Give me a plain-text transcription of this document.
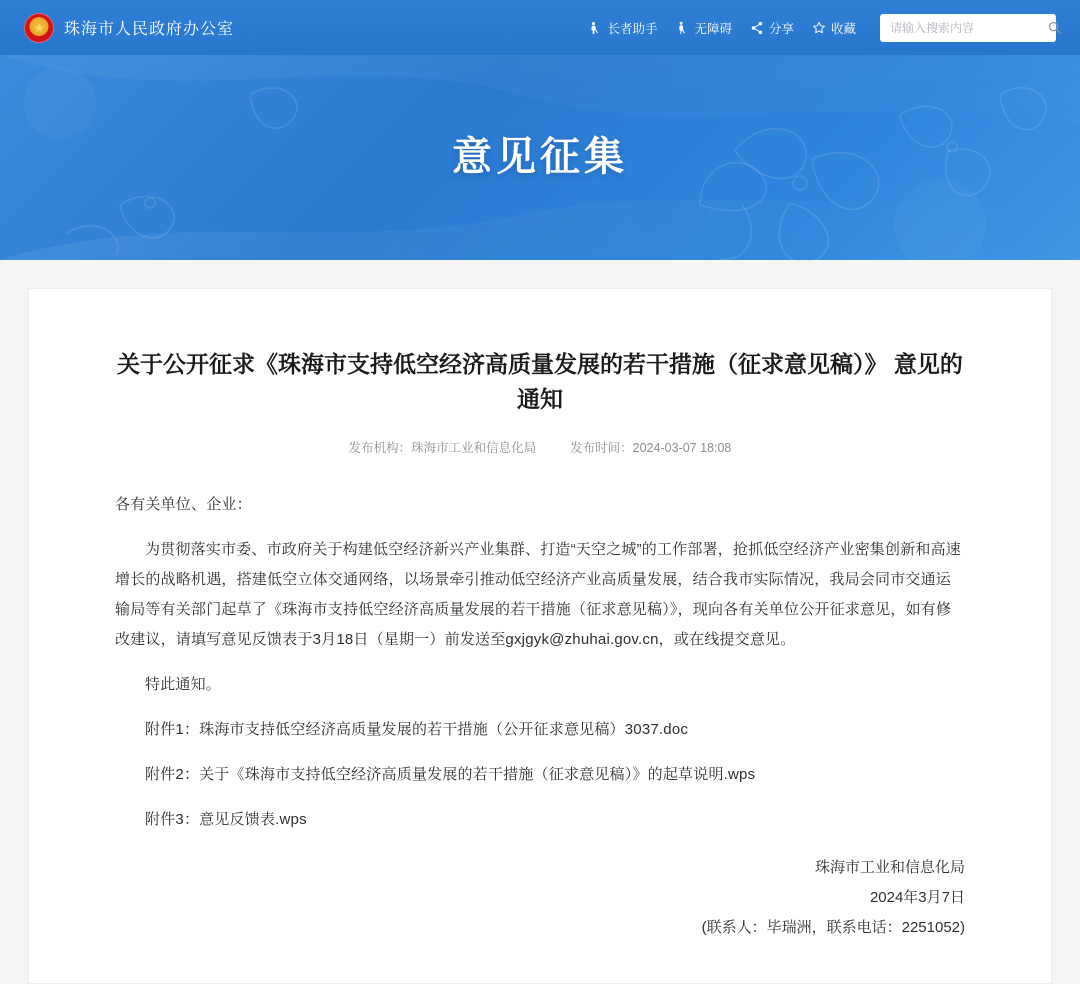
★
珠海市人民政府办公室	长者助手	无障碍	分享	收藏
请输入搜索内容
意见征集
关于公开征求《珠海市支持低空经济高质量发展的若干措施（征求意见稿）》 意见的通知
发布机构：珠海市工业和信息化局	发布时间：2024-03-07 18:08

各有关单位、企业：

为贯彻落实市委、市政府关于构建低空经济新兴产业集群、打造“天空之城”的工作部署，抢抓低空经济产业密集创新和高速增长的战略机遇，搭建低空立体交通网络，以场景牵引推动低空经济产业高质量发展，结合我市实际情况，我局会同市交通运输局等有关部门起草了《珠海市支持低空经济高质量发展的若干措施（征求意见稿）》，现向各有关单位公开征求意见，如有修改建议，请填写意见反馈表于3月18日（星期一）前发送至gxjgyk@zhuhai.gov.cn，或在线提交意见。

特此通知。

附件1：珠海市支持低空经济高质量发展的若干措施（公开征求意见稿）3037.doc

附件2：关于《珠海市支持低空经济高质量发展的若干措施（征求意见稿）》的起草说明.wps

附件3：意见反馈表.wps

珠海市工业和信息化局
2024年3月7日
(联系人：毕瑞洲，联系电话：2251052)
